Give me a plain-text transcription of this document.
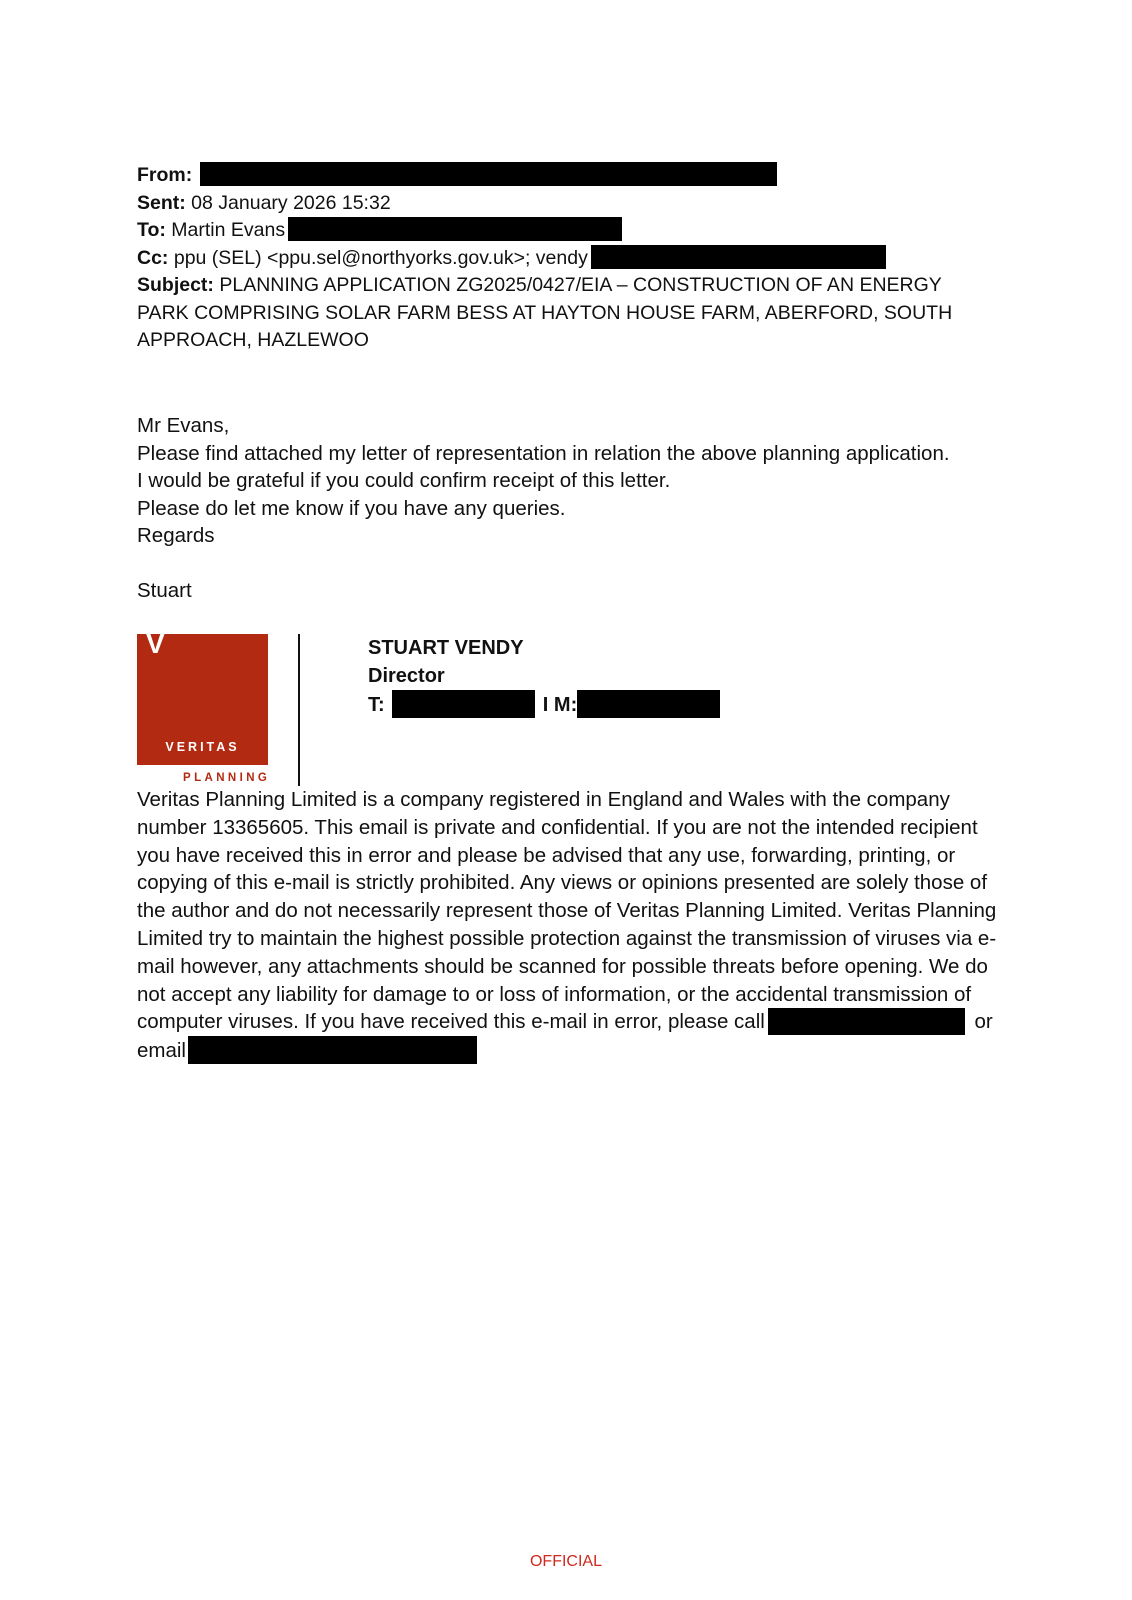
From:
Sent: 08 January 2026 15:32
To: Martin Evans
Cc: ppu (SEL) <ppu.sel@northyorks.gov.uk>; vendy
Subject: PLANNING APPLICATION ZG2025/0427/EIA – CONSTRUCTION OF AN ENERGY PARK COMPRISING SOLAR FARM BESS AT HAYTON HOUSE FARM, ABERFORD, SOUTH APPROACH, HAZLEWOO
Mr Evans,
Please find attached my letter of representation in relation the above planning application.
I would be grateful if you could confirm receipt of this letter.
Please do let me know if you have any queries.
Regards
Stuart
V
VERITAS
PLANNING
STUART VENDY
Director
T:	I M:
Veritas Planning Limited is a company registered in England and Wales with the company number 13365605. This email is private and confidential. If you are not the intended recipient you have received this in error and please be advised that any use, forwarding, printing, or copying of this e-mail is strictly prohibited. Any views or opinions presented are solely those of the author and do not necessarily represent those of Veritas Planning Limited. Veritas Planning Limited try to maintain the highest possible protection against the transmission of viruses via e-mail however, any attachments should be scanned for possible threats before opening. We do not accept any liability for damage to or loss of information, or the accidental transmission of computer viruses. If you have received this e-mail in error, please call	or
email
OFFICIAL
